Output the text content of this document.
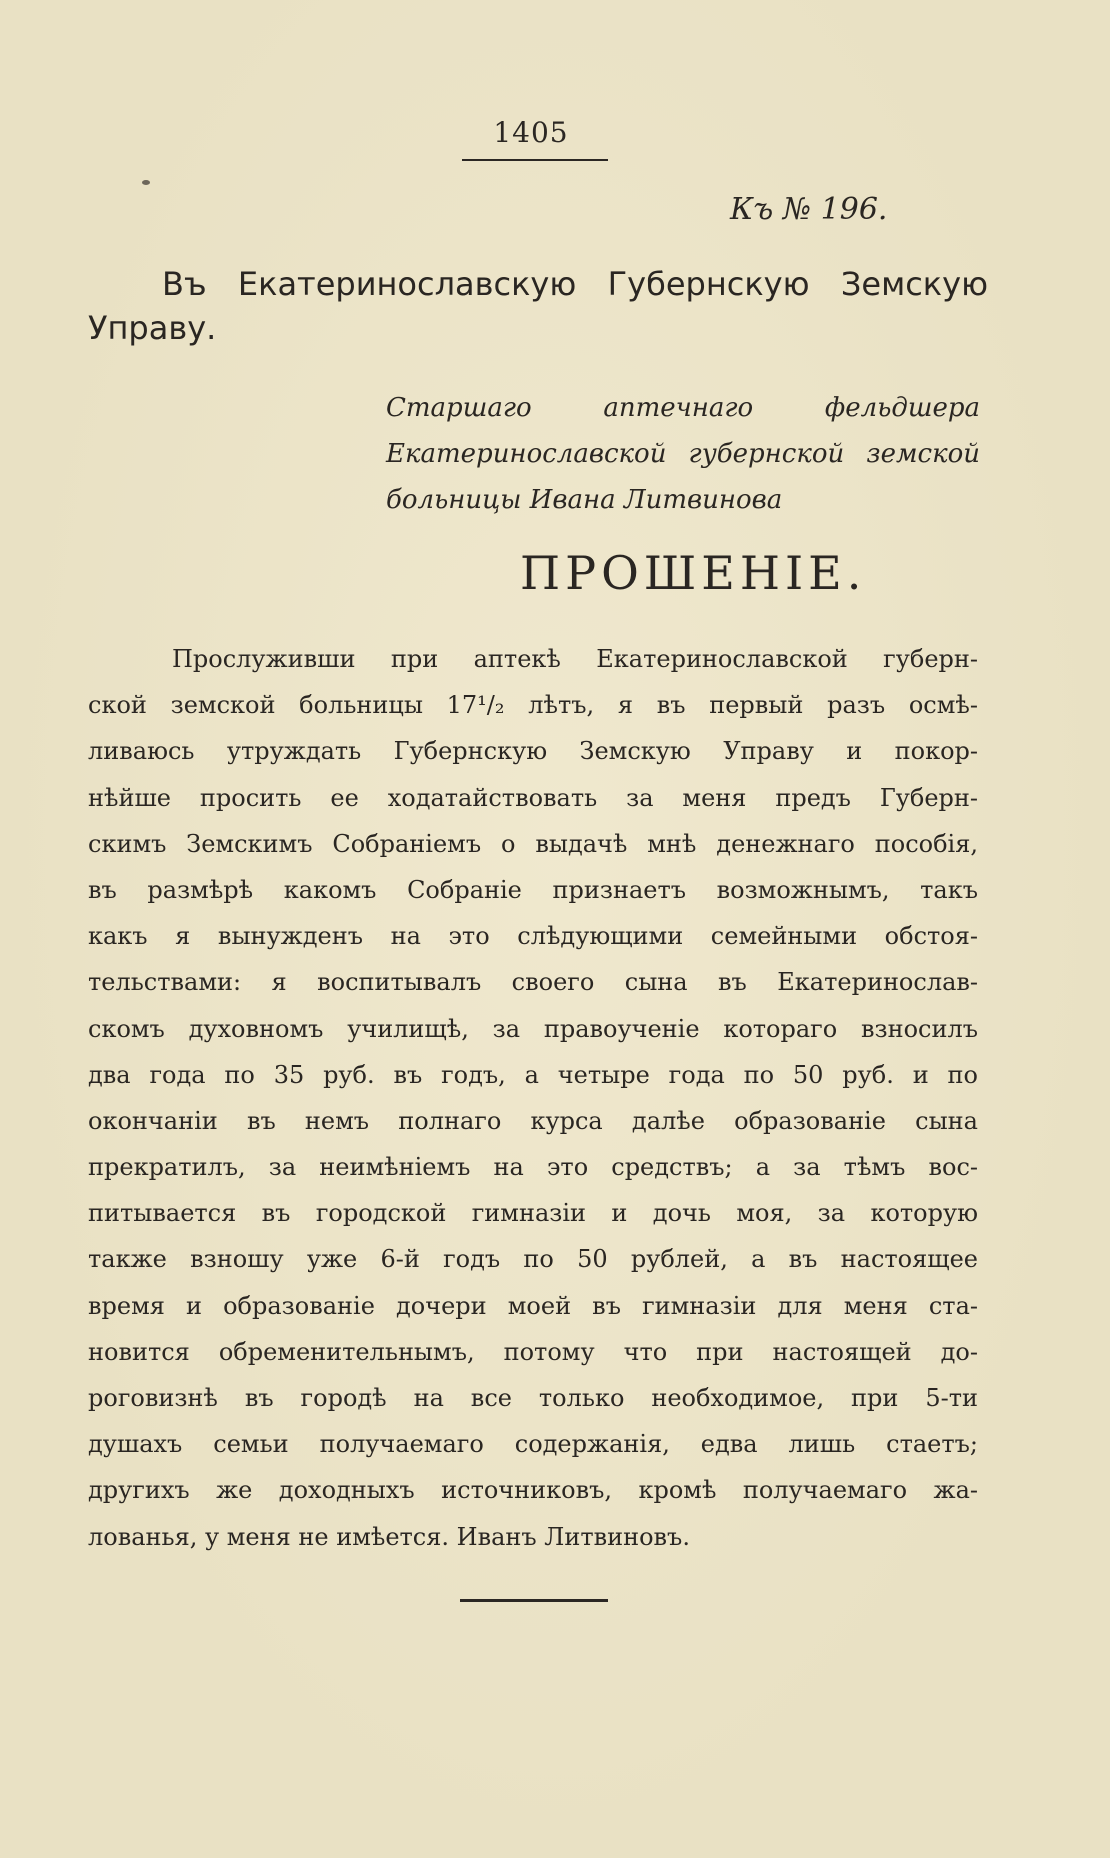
1405
Къ № 196.
Въ Екатеринославскую Губернскую Земскую
Управу.
Старшаго аптечнаго фельдшера
Екатеринославской губернской земской
больницы Ивана Литвинова
ПРОШЕНІЕ.
Прослуживши при аптекѣ Екатеринославской губерн-
ской земской больницы 17¹/₂ лѣтъ, я въ первый разъ осмѣ-
ливаюсь утруждать Губернскую Земскую Управу и покор-
нѣйше просить ее ходатайствовать за меня предъ Губерн-
скимъ Земскимъ Собраніемъ о выдачѣ мнѣ денежнаго пособія,
въ размѣрѣ какомъ Собраніе признаетъ возможнымъ, такъ
какъ я вынужденъ на это слѣдующими семейными обстоя-
тельствами: я воспитывалъ своего сына въ Екатеринослав-
скомъ духовномъ училищѣ, за правоученіе котораго взносилъ
два года по 35 руб. въ годъ, а четыре года по 50 руб. и по
окончаніи въ немъ полнаго курса далѣе образованіе сына
прекратилъ, за неимѣніемъ на это средствъ; а за тѣмъ вос-
питывается въ городской гимназіи и дочь моя, за которую
также взношу уже 6-й годъ по 50 рублей, а въ настоящее
время и образованіе дочери моей въ гимназіи для меня ста-
новится обременительнымъ, потому что при настоящей до-
роговизнѣ въ городѣ на все только необходимое, при 5-ти
душахъ семьи получаемаго содержанія, едва лишь стаетъ;
другихъ же доходныхъ источниковъ, кромѣ получаемаго жа-
лованья, у меня не имѣется. Иванъ Литвиновъ.
